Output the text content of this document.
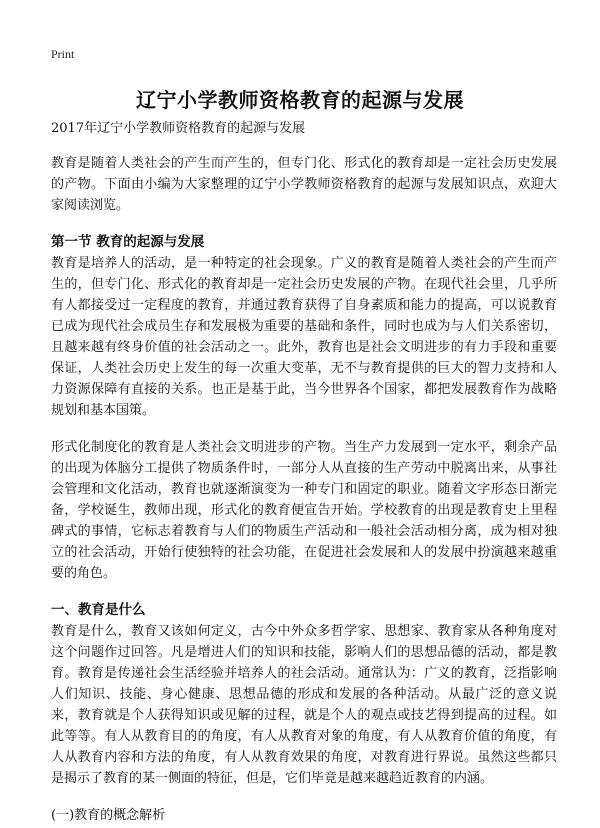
Print
辽宁小学教师资格教育的起源与发展

2017年辽宁小学教师资格教育的起源与发展

教育是随着人类社会的产生而产生的，但专门化、形式化的教育却是一定社会历史发展的产物。下面由小编为大家整理的辽宁小学教师资格教育的起源与发展知识点，欢迎大家阅读浏览。

第一节 教育的起源与发展

教育是培养人的活动，是一种特定的社会现象。广义的教育是随着人类社会的产生而产生的，但专门化、形式化的教育却是一定社会历史发展的产物。在现代社会里，几乎所有人都接受过一定程度的教育，并通过教育获得了自身素质和能力的提高，可以说教育已成为现代社会成员生存和发展极为重要的基础和条件，同时也成为与人们关系密切，且越来越有终身价值的社会活动之一。此外，教育也是社会文明进步的有力手段和重要保证，人类社会历史上发生的每一次重大变革，无不与教育提供的巨大的智力支持和人力资源保障有直接的关系。也正是基于此，当今世界各个国家，都把发展教育作为战略规划和基本国策。

形式化制度化的教育是人类社会文明进步的产物。当生产力发展到一定水平，剩余产品的出现为体脑分工提供了物质条件时，一部分人从直接的生产劳动中脱离出来，从事社会管理和文化活动，教育也就逐渐演变为一种专门和固定的职业。随着文字形态日渐完备，学校诞生，教师出现，形式化的教育便宣告开始。学校教育的出现是教育史上里程碑式的事情，它标志着教育与人们的物质生产活动和一般社会活动相分离，成为相对独立的社会活动，开始行使独特的社会功能，在促进社会发展和人的发展中扮演越来越重要的角色。

一、教育是什么

教育是什么，教育又该如何定义，古今中外众多哲学家、思想家、教育家从各种角度对这个问题作过回答。凡是增进人们的知识和技能，影响人们的思想品德的活动，都是教育。教育是传递社会生活经验并培养人的社会活动。通常认为：广义的教育，泛指影响人们知识、技能、身心健康、思想品德的形成和发展的各种活动。从最广泛的意义说来，教育就是个人获得知识或见解的过程，就是个人的观点或技艺得到提高的过程。如此等等。有人从教育目的的角度，有人从教育对象的角度，有人从教育价值的角度，有人从教育内容和方法的角度，有人从教育效果的角度，对教育进行界说。虽然这些都只是揭示了教育的某一侧面的特征，但是，它们毕竟是越来越趋近教育的内涵。

(一)教育的概念解析
